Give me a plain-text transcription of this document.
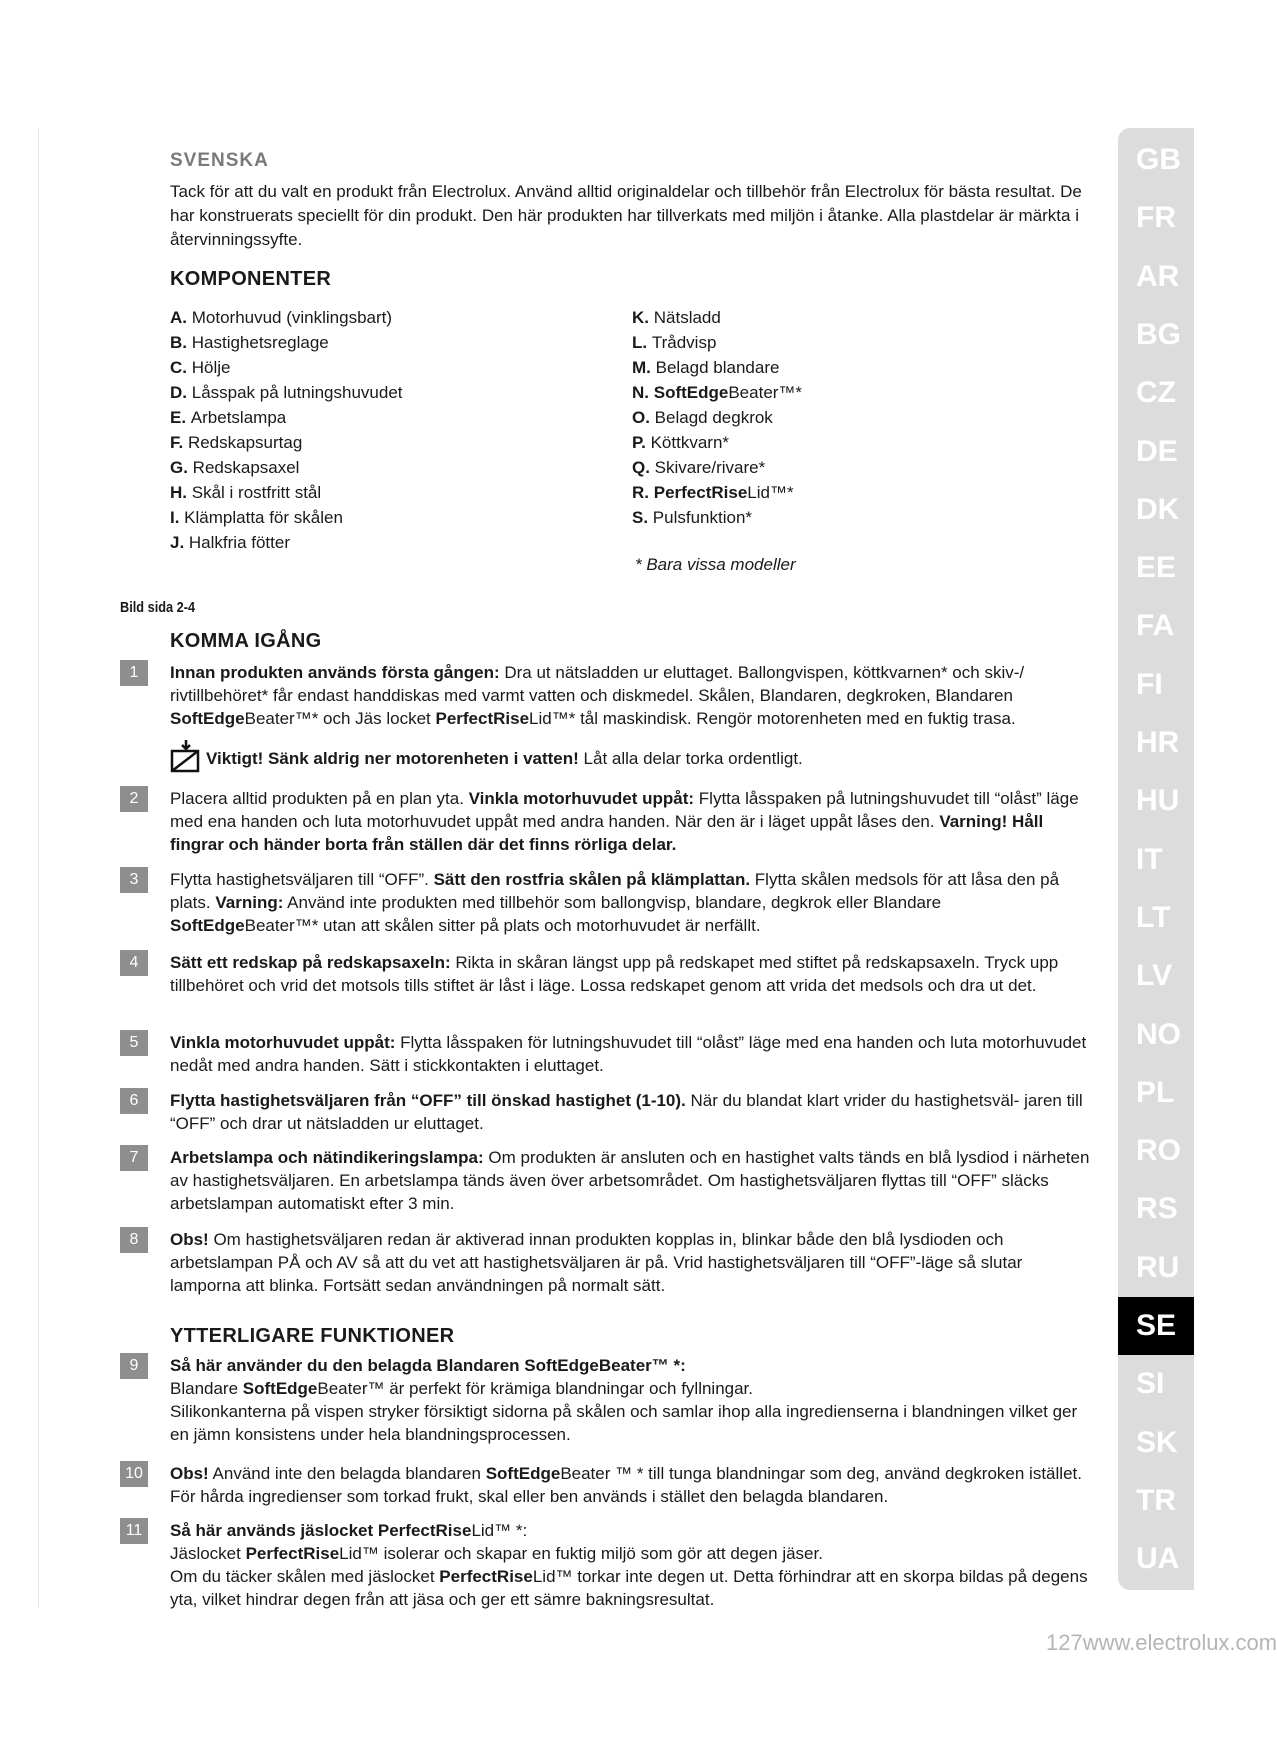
SVENSKA
Tack för att du valt en produkt från Electrolux. Använd alltid originaldelar och tillbehör från Electrolux för bästa resultat. De har konstruerats speciellt för din produkt. Den här produkten har tillverkats med miljön i åtanke. Alla plastdelar är märkta i återvinningssyfte.
KOMPONENTER
A. Motorhuvud (vinklingsbart)
B. Hastighetsreglage
C. Hölje
D. Låsspak på lutningshuvudet
E. Arbetslampa
F. Redskapsurtag
G. Redskapsaxel
H. Skål i rostfritt stål
I. Klämplatta för skålen
J. Halkfria fötter
K. Nätsladd
L. Trådvisp
M. Belagd blandare
N. SoftEdgeBeater™*
O. Belagd degkrok
P. Köttkvarn*
Q. Skivare/rivare*
R. PerfectRiseLid™*
S. Pulsfunktion*
* Bara vissa modeller
Bild sida 2-4
KOMMA IGÅNG
Viktigt! Sänk aldrig ner motorenheten i vatten! Låt alla delar torka ordentligt.
1	Innan produkten används första gången: Dra ut nätsladden ur eluttaget. Ballongvispen, köttkvarnen* och skiv-/ rivtillbehöret* får endast handdiskas med varmt vatten och diskmedel. Skålen, Blandaren, degkroken, Blandaren SoftEdgeBeater™* och Jäs locket PerfectRiseLid™* tål maskindisk. Rengör motorenheten med en fuktig trasa.
2	Placera alltid produkten på en plan yta. Vinkla motorhuvudet uppåt: Flytta låsspaken på lutningshuvudet till “olåst” läge med ena handen och luta motorhuvudet uppåt med andra handen. När den är i läget uppåt låses den. Varning! Håll fingrar och händer borta från ställen där det finns rörliga delar.
3	Flytta hastighetsväljaren till “OFF”. Sätt den rostfria skålen på klämplattan. Flytta skålen medsols för att låsa den på plats. Varning: Använd inte produkten med tillbehör som ballongvisp, blandare, degkrok eller Blandare SoftEdgeBeater™* utan att skålen sitter på plats och motorhuvudet är nerfällt.
4	Sätt ett redskap på redskapsaxeln: Rikta in skåran längst upp på redskapet med stiftet på redskapsaxeln. Tryck upp tillbehöret och vrid det motsols tills stiftet är låst i läge. Lossa redskapet genom att vrida det medsols och dra ut det.
5	Vinkla motorhuvudet uppåt: Flytta låsspaken för lutningshuvudet till “olåst” läge med ena handen och luta motorhuvudet nedåt med andra handen. Sätt i stickkontakten i eluttaget.
6	Flytta hastighetsväljaren från “OFF” till önskad hastighet (1-10). När du blandat klart vrider du hastighetsväl- jaren till “OFF” och drar ut nätsladden ur eluttaget.
7	Arbetslampa och nätindikeringslampa: Om produkten är ansluten och en hastighet valts tänds en blå lysdiod i närheten av hastighetsväljaren. En arbetslampa tänds även över arbetsområdet. Om hastighetsväljaren flyttas till “OFF” släcks arbetslampan automatiskt efter 3 min.
8	Obs! Om hastighetsväljaren redan är aktiverad innan produkten kopplas in, blinkar både den blå lysdioden och arbetslampan PÅ och AV så att du vet att hastighetsväljaren är på. Vrid hastighetsväljaren till “OFF”-läge så slutar lamporna att blinka. Fortsätt sedan användningen på normalt sätt.
YTTERLIGARE FUNKTIONER
9	Så här använder du den belagda Blandaren SoftEdgeBeater™ *:
Blandare SoftEdgeBeater™ är perfekt för krämiga blandningar och fyllningar.
Silikonkanterna på vispen stryker försiktigt sidorna på skålen och samlar ihop alla ingredienserna i blandningen vilket ger en jämn konsistens under hela blandningsprocessen.
10	Obs! Använd inte den belagda blandaren SoftEdgeBeater ™ * till tunga blandningar som deg, använd degkroken istället. För hårda ingredienser som torkad frukt, skal eller ben används i stället den belagda blandaren.
11	Så här används jäslocket PerfectRiseLid™ *:
Jäslocket PerfectRiseLid™ isolerar och skapar en fuktig miljö som gör att degen jäser.
Om du täcker skålen med jäslocket PerfectRiseLid™ torkar inte degen ut. Detta förhindrar att en skorpa bildas på degens yta, vilket hindrar degen från att jäsa och ger ett sämre bakningsresultat.
GB
FR
AR
BG
CZ
DE
DK
EE
FA
FI
HR
HU
IT
LT
LV
NO
PL
RO
RS
RU
SE
SI
SK
TR
UA
127www.electrolux.com
